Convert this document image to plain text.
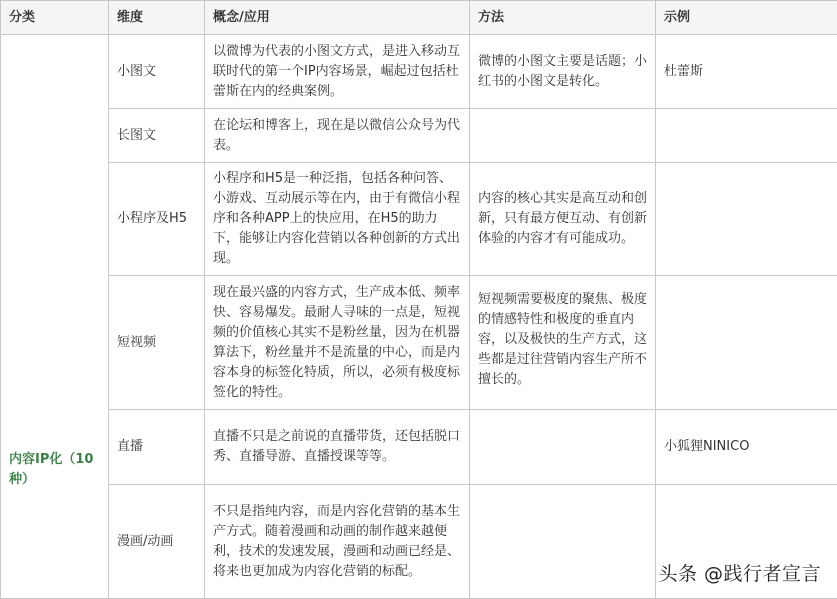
分类	维度	概念/应用	方法	示例
内容IP化（10种）	小图文	以微博为代表的小图文方式，是进入移动互联时代的第一个IP内容场景，崛起过包括杜蕾斯在内的经典案例。	微博的小图文主要是话题；小红书的小图文是转化。	杜蕾斯
	长图文	在论坛和博客上，现在是以微信公众号为代表。		
	小程序及H5	小程序和H5是一种泛指，包括各种问答、小游戏、互动展示等在内，由于有微信小程序和各种APP上的快应用，在H5的助力下，能够让内容化营销以各种创新的方式出现。	内容的核心其实是高互动和创新，只有最方便互动、有创新体验的内容才有可能成功。	
	短视频	现在最兴盛的内容方式，生产成本低、频率快、容易爆发。最耐人寻味的一点是，短视频的价值核心其实不是粉丝量，因为在机器算法下，粉丝量并不是流量的中心，而是内容本身的标签化特质，所以，必须有极度标签化的特性。	短视频需要极度的聚焦、极度的情感特性和极度的垂直内容，以及极快的生产方式，这些都是过往营销内容生产所不擅长的。	
	直播	直播不只是之前说的直播带货，还包括脱口秀、直播导游、直播授课等等。		小狐狸NINICO
	漫画/动画	不只是指纯内容，而是内容化营销的基本生产方式。随着漫画和动画的制作越来越便利，技术的发速发展，漫画和动画已经是、将来也更加成为内容化营销的标配。			头条 @践行者宣言
